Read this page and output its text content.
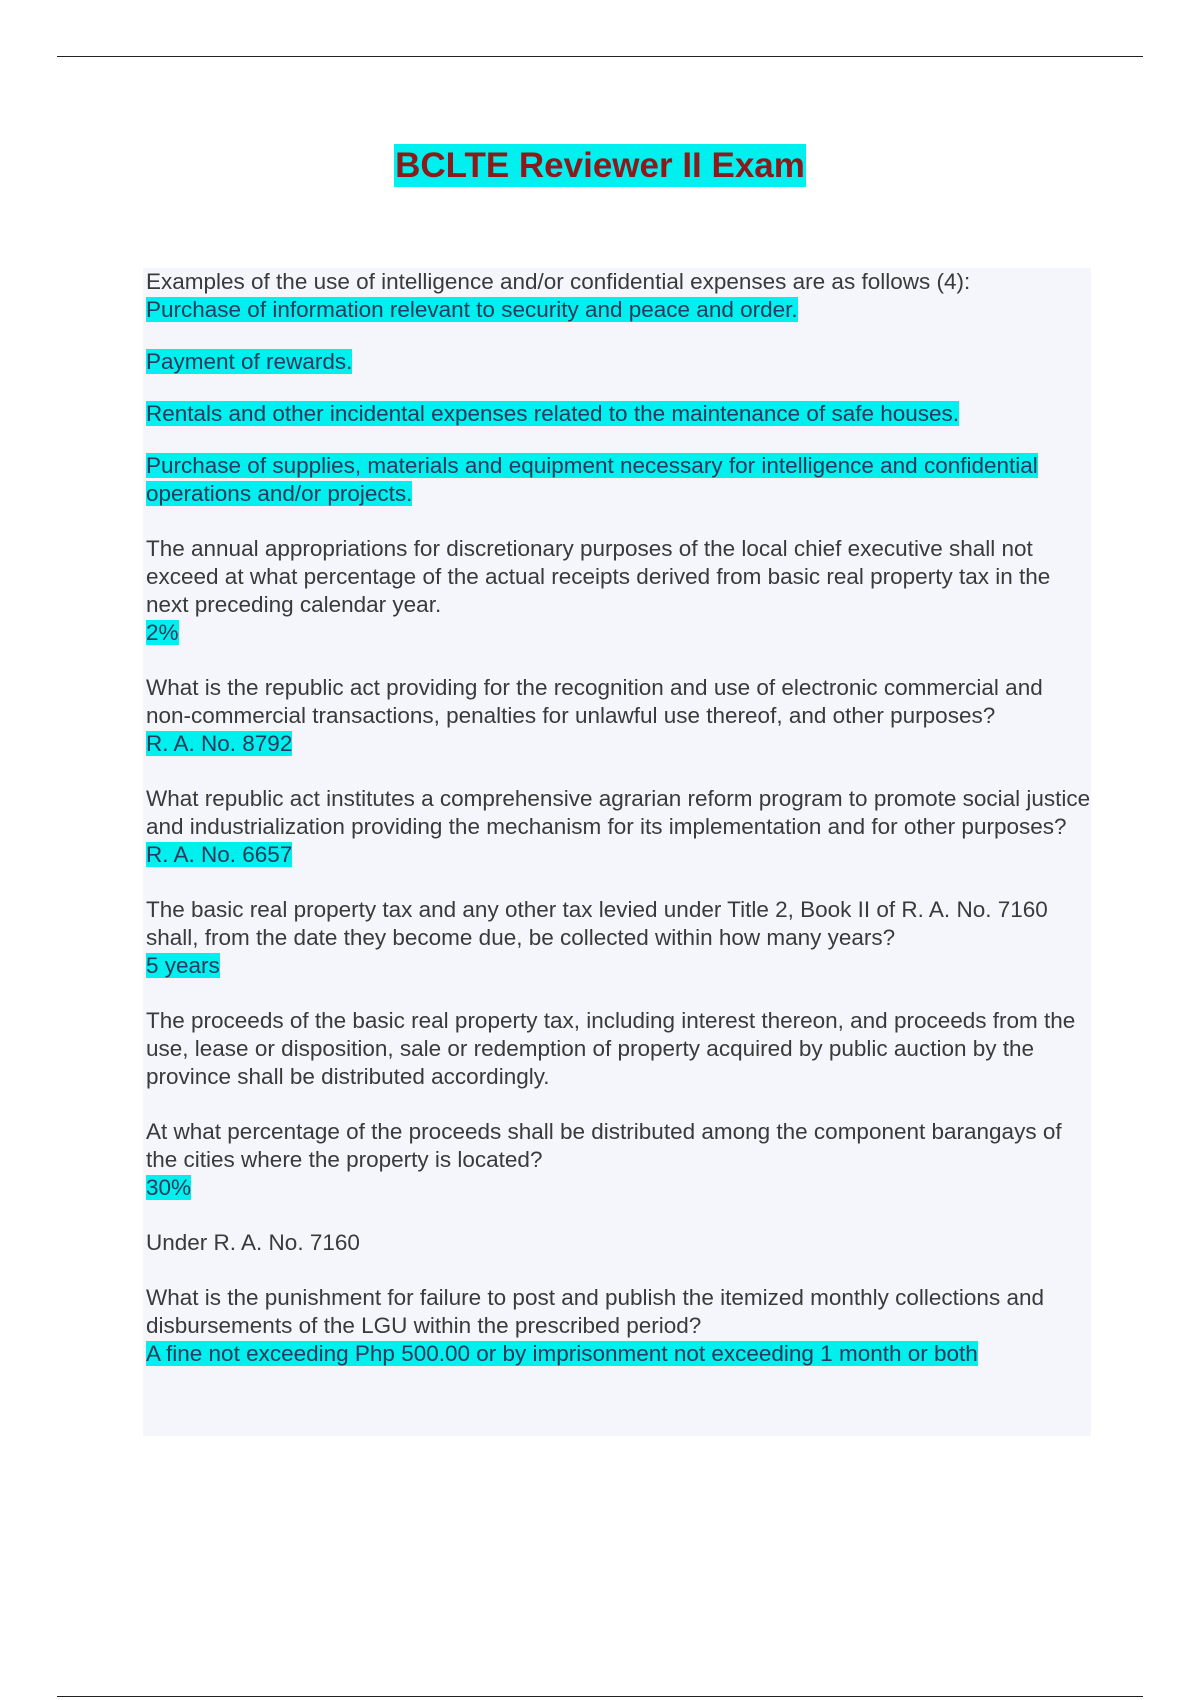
BCLTE Reviewer II Exam

Examples of the use of intelligence and/or confidential expenses are as follows (4):

Purchase of information relevant to security and peace and order.

Payment of rewards.

Rentals and other incidental expenses related to the maintenance of safe houses.

Purchase of supplies, materials and equipment necessary for intelligence and confidential operations and/or projects.

The annual appropriations for discretionary purposes of the local chief executive shall not exceed at what percentage of the actual receipts derived from basic real property tax in the next preceding calendar year.

2%

What is the republic act providing for the recognition and use of electronic commercial and non-commercial transactions, penalties for unlawful use thereof, and other purposes?

R. A. No. 8792

What republic act institutes a comprehensive agrarian reform program to promote social justice and industrialization providing the mechanism for its implementation and for other purposes?

R. A. No. 6657

The basic real property tax and any other tax levied under Title 2, Book II of R. A. No. 7160 shall, from the date they become due, be collected within how many years?

5 years

The proceeds of the basic real property tax, including interest thereon, and proceeds from the use, lease or disposition, sale or redemption of property acquired by public auction by the province shall be distributed accordingly.

At what percentage of the proceeds shall be distributed among the component barangays of the cities where the property is located?

30%

Under R. A. No. 7160

What is the punishment for failure to post and publish the itemized monthly collections and disbursements of the LGU within the prescribed period?

A fine not exceeding Php 500.00 or by imprisonment not exceeding 1 month or both
